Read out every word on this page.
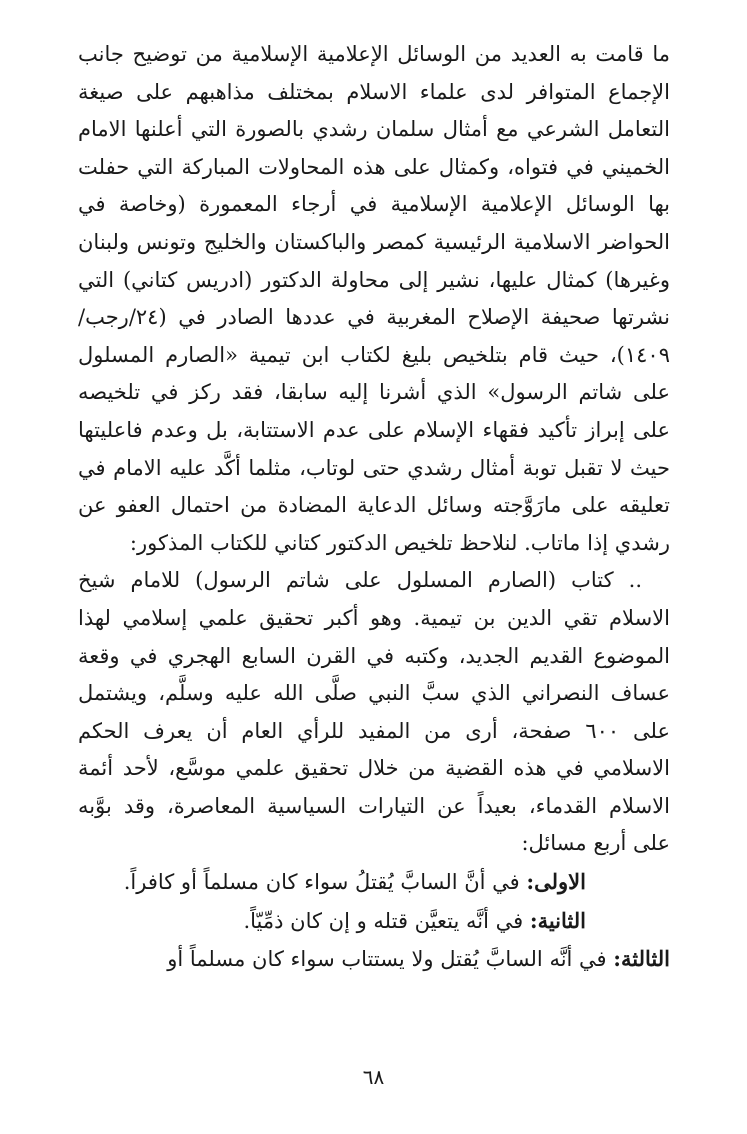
ما قامت به العديد من الوسائل الإعلامية الإسلامية من توضيح جانب الإجماع المتوافر لدى علماء الاسلام بمختلف مذاهبهم على صيغة التعامل الشرعي مع أمثال سلمان رشدي بالصورة التي أعلنها الامام الخميني في فتواه، وكمثال على هذه المحاولات المباركة التي حفلت بها الوسائل الإعلامية الإسلامية في أرجاء المعمورة (وخاصة في الحواضر الاسلامية الرئيسية كمصر والباكستان والخليج وتونس ولبنان وغيرها) كمثال عليها، نشير إلى محاولة الدكتور (ادريس كتاني) التي نشرتها صحيفة الإصلاح المغربية في عددها الصادر في (٢٤/رجب/١٤٠٩)، حيث قام بتلخيص بليغ لكتاب ابن تيمية «الصارم المسلول على شاتم الرسول» الذي أشرنا إليه سابقا، فقد ركز في تلخيصه على إبراز تأكيد فقهاء الإسلام على عدم الاستتابة، بل وعدم فاعليتها حيث لا تقبل توبة أمثال رشدي حتى لوتاب، مثلما أكَّد عليه الامام في تعليقه على مارَوَّجته وسائل الدعاية المضادة من احتمال العفو عن رشدي إذا ماتاب. لنلاحظ تلخيص الدكتور كتاني للكتاب المذكور:

.. كتاب (الصارم المسلول على شاتم الرسول) للامام شيخ الاسلام تقي الدين بن تيمية. وهو أكبر تحقيق علمي إسلامي لهذا الموضوع القديم الجديد، وكتبه في القرن السابع الهجري في وقعة عساف النصراني الذي سبَّ النبي صلَّى الله عليه وسلَّم، ويشتمل على ٦٠٠ صفحة، أرى من المفيد للرأي العام أن يعرف الحكم الاسلامي في هذه القضية من خلال تحقيق علمي موسَّع، لأحد أئمة الاسلام القدماء، بعيداً عن التيارات السياسية المعاصرة، وقد بوَّبه على أربع مسائل:

الاولى: في أنَّ السابَّ يُقتلُ سواء كان مسلماً أو كافراً.

الثانية: في أنَّه يتعيَّن قتله و إن كان ذمِّيّاً.

الثالثة: في أنَّه السابَّ يُقتل ولا يستتاب سواء كان مسلماً أو

٦٨
